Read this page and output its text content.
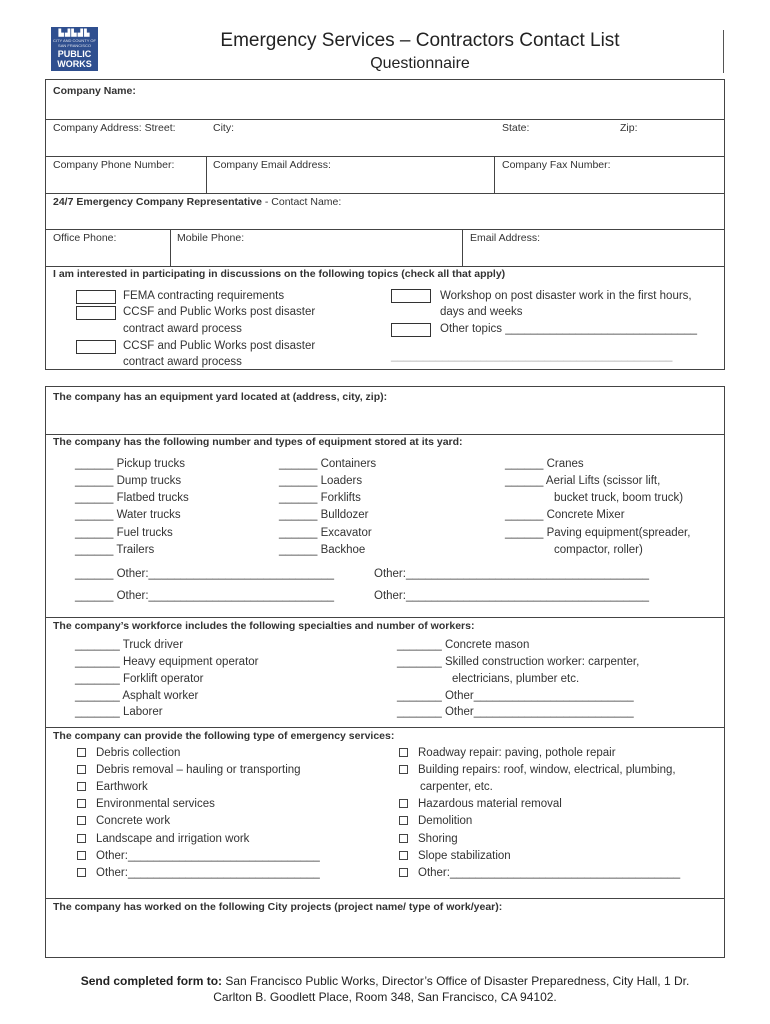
▙▟▙▟▙
CITY AND COUNTY OF SAN FRANCISCO
PUBLIC
WORKS
Emergency Services – Contractors Contact List
Questionnaire
Company Name:
Company Address: Street:	City:	State:	Zip:
Company Phone Number:	Company Email Address:	Company Fax Number:
24/7 Emergency Company Representative - Contact Name:
Office Phone:	Mobile Phone:	Email Address:
I am interested in participating in discussions on the following topics (check all that apply)
FEMA contracting requirements
CCSF and Public Works post disaster
contract award process
CCSF and Public Works post disaster
contract award process
Workshop on post disaster work in the first hours,
days and weeks
Other topics ______________________________
____________________________________________
The company has an equipment yard located at (address, city, zip):
The company has the following number and types of equipment stored at its yard:
______ Pickup trucks
______ Dump trucks
______ Flatbed trucks
______ Water trucks
______ Fuel trucks
______ Trailers
______ Containers
______ Loaders
______ Forklifts
______ Bulldozer
______ Excavator
______ Backhoe
______ Cranes
______ Aerial Lifts (scissor lift,
bucket truck, boom truck)
______ Concrete Mixer
______ Paving equipment(spreader,
compactor, roller)
______ Other:_____________________________	Other:______________________________________
______ Other:_____________________________	Other:______________________________________
The company’s workforce includes the following specialties and number of workers:
_______ Truck driver
_______ Heavy equipment operator
_______ Forklift operator
_______ Asphalt worker
_______ Laborer
_______ Concrete mason
_______ Skilled construction worker: carpenter,
electricians, plumber etc.
_______ Other_________________________
_______ Other_________________________
The company can provide the following type of emergency services:
Debris collection
Debris removal – hauling or transporting
Earthwork
Environmental services
Concrete work
Landscape and irrigation work
Other:______________________________
Other:______________________________
Roadway repair: paving, pothole repair
Building repairs: roof, window, electrical, plumbing,
carpenter, etc.
Hazardous material removal
Demolition
Shoring
Slope stabilization
Other:____________________________________
The company has worked on the following City projects (project name/ type of work/year):
Send completed form to: San Francisco Public Works, Director’s Office of Disaster Preparedness, City Hall, 1 Dr.
Carlton B. Goodlett Place, Room 348, San Francisco, CA 94102.
